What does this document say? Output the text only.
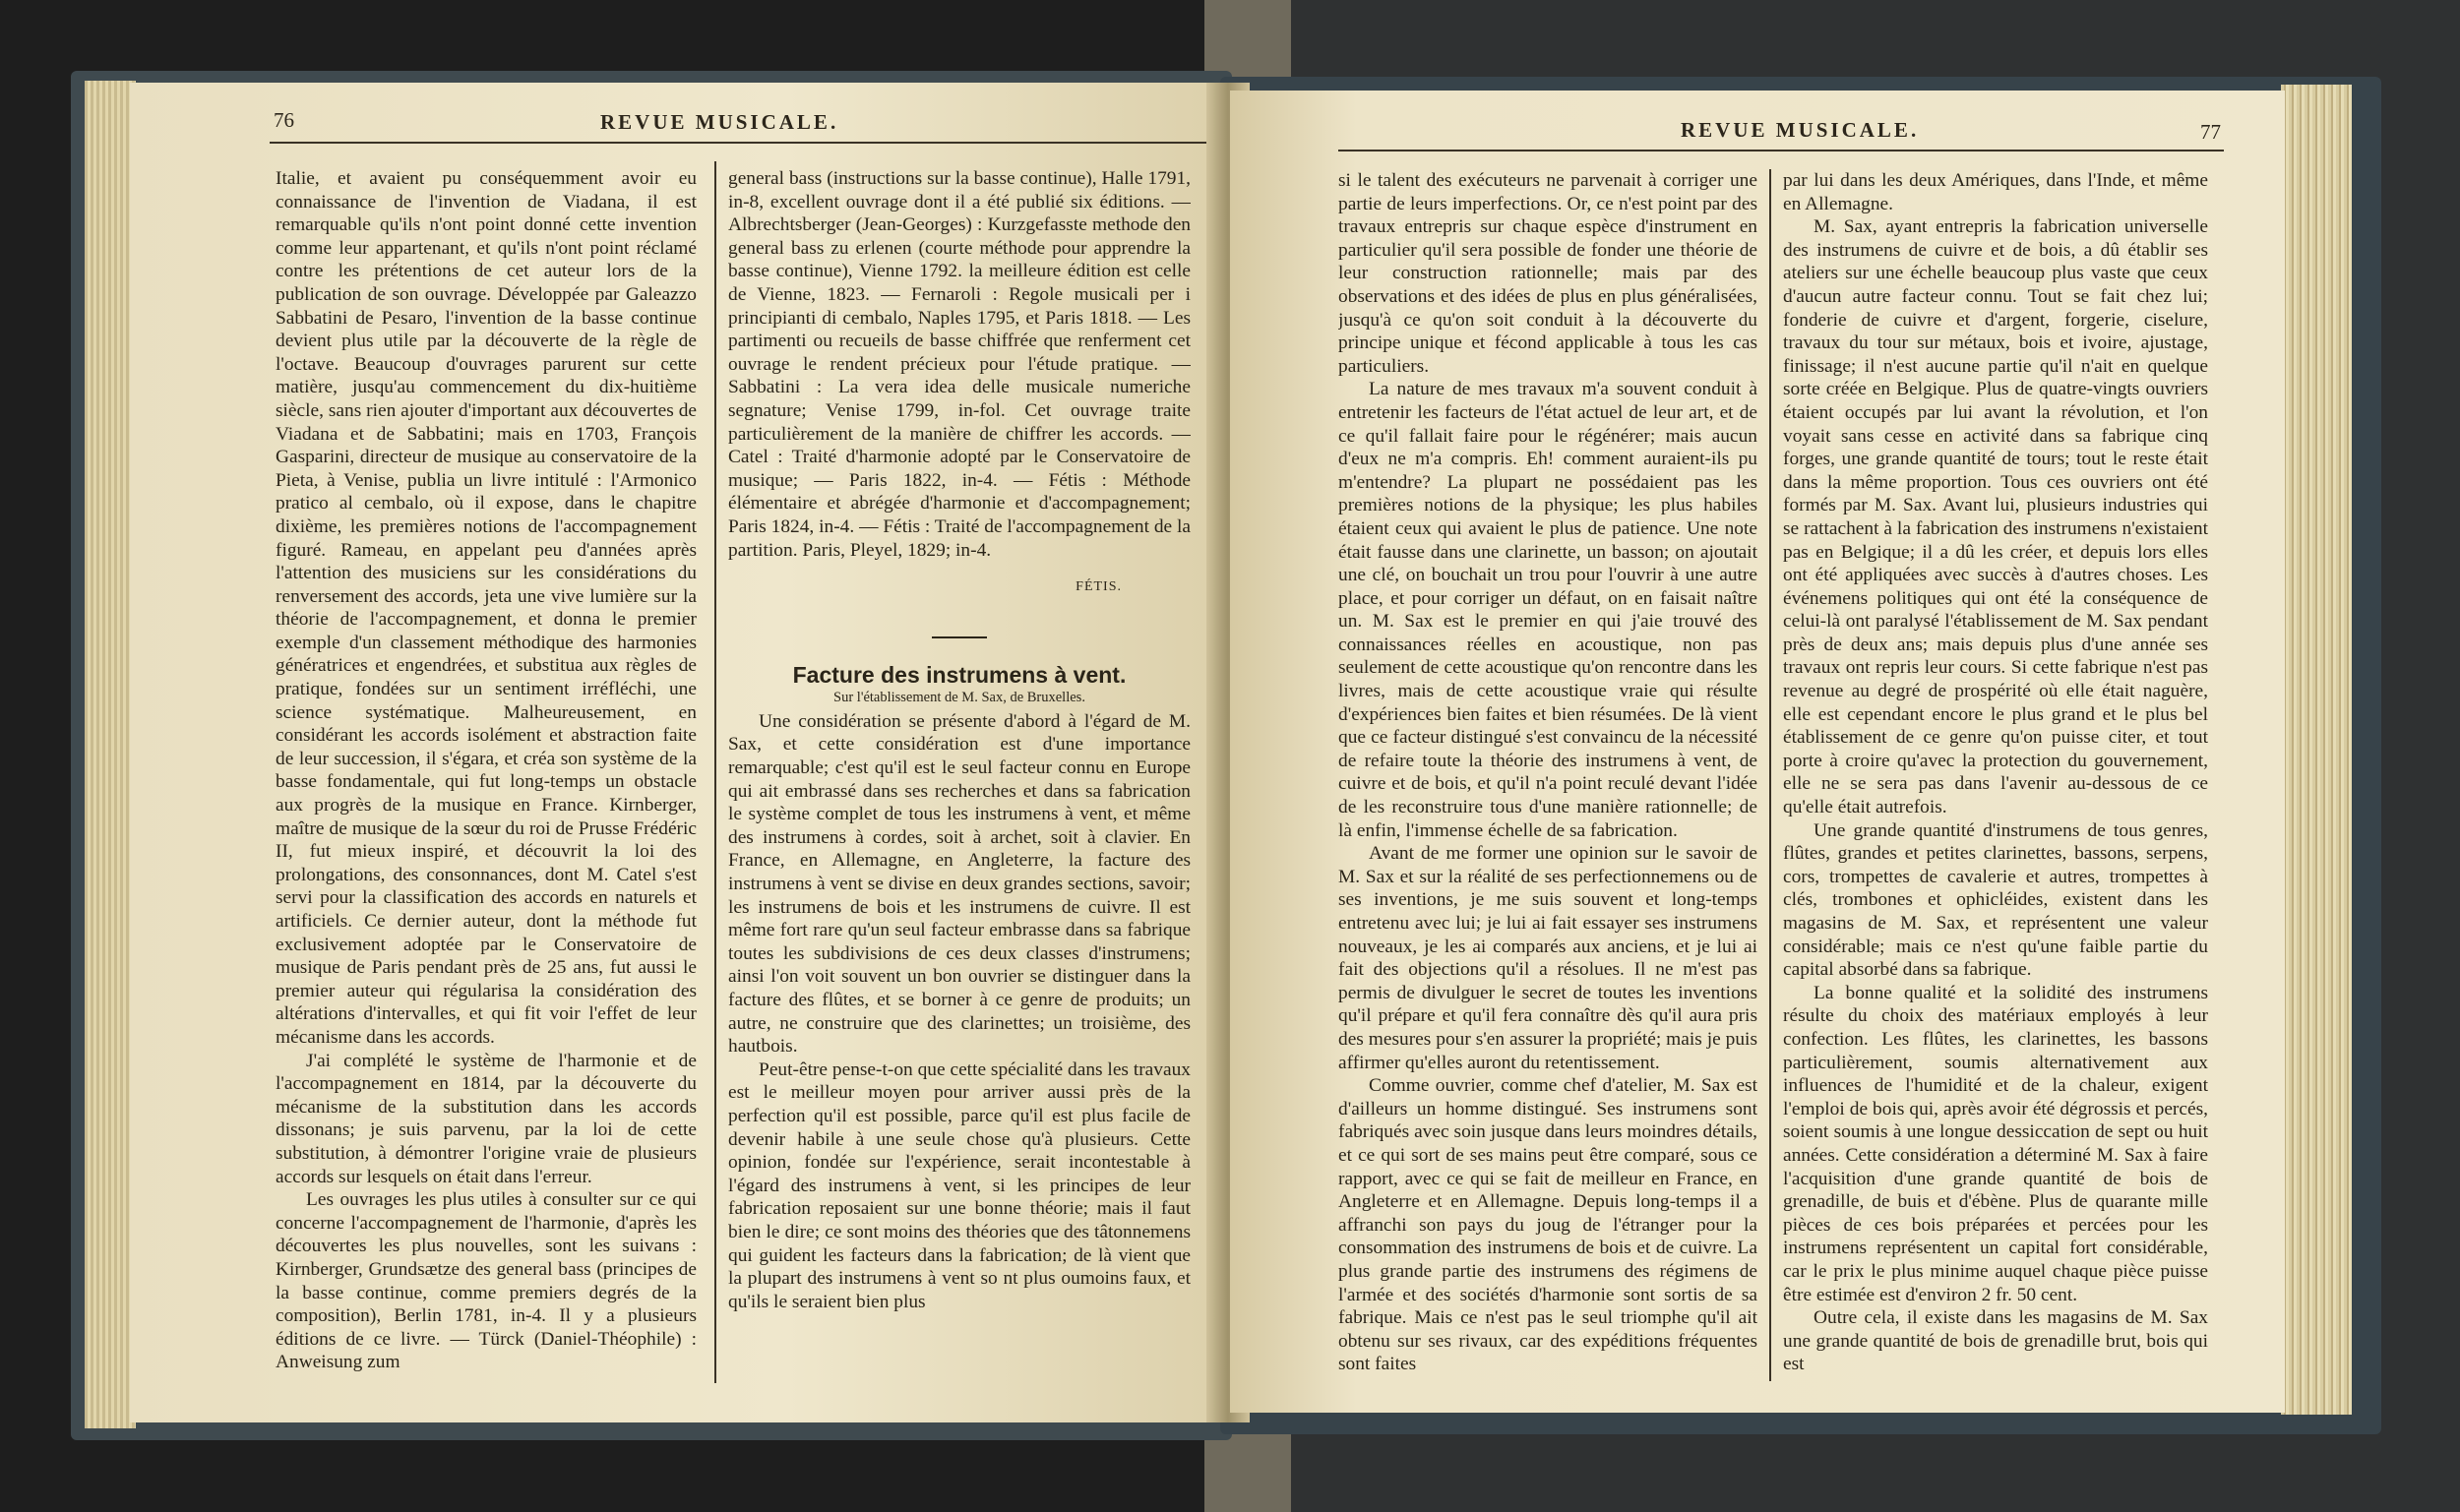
76	REVUE MUSICALE.

Italie, et avaient pu conséquemment avoir eu connaissance de l'invention de Viadana, il est remarquable qu'ils n'ont point donné cette invention comme leur appartenant, et qu'ils n'ont point réclamé contre les prétentions de cet auteur lors de la publication de son ouvrage. Développée par Galeazzo Sabbatini de Pesaro, l'invention de la basse continue devient plus utile par la découverte de la règle de l'octave. Beaucoup d'ouvrages parurent sur cette matière, jusqu'au commencement du dix-huitième siècle, sans rien ajouter d'important aux découvertes de Viadana et de Sabbatini; mais en 1703, François Gasparini, directeur de musique au conservatoire de la Pieta, à Venise, publia un livre intitulé : l'Armonico pratico al cembalo, où il expose, dans le chapitre dixième, les premières notions de l'accompagnement figuré. Rameau, en appelant peu d'années après l'attention des musiciens sur les considérations du renversement des accords, jeta une vive lumière sur la théorie de l'accompagnement, et donna le premier exemple d'un classement méthodique des harmonies génératrices et engendrées, et substitua aux règles de pratique, fondées sur un sentiment irréfléchi, une science systématique. Malheureusement, en considérant les accords isolément et abstraction faite de leur succession, il s'égara, et créa son système de la basse fondamentale, qui fut long-temps un obstacle aux progrès de la musique en France. Kirnberger, maître de musique de la sœur du roi de Prusse Frédéric II, fut mieux inspiré, et découvrit la loi des prolongations, des consonnances, dont M. Catel s'est servi pour la classification des accords en naturels et artificiels. Ce dernier auteur, dont la méthode fut exclusivement adoptée par le Conservatoire de musique de Paris pendant près de 25 ans, fut aussi le premier auteur qui régularisa la considération des altérations d'intervalles, et qui fit voir l'effet de leur mécanisme dans les accords.

J'ai complété le système de l'harmonie et de l'accompagnement en 1814, par la découverte du mécanisme de la substitution dans les accords dissonans; je suis parvenu, par la loi de cette substitution, à démontrer l'origine vraie de plusieurs accords sur lesquels on était dans l'erreur.

Les ouvrages les plus utiles à consulter sur ce qui concerne l'accompagnement de l'harmonie, d'après les découvertes les plus nouvelles, sont les suivans : Kirnberger, Grundsætze des general bass (principes de la basse continue, comme premiers degrés de la composition), Berlin 1781, in-4. Il y a plusieurs éditions de ce livre. — Türck (Daniel-Théophile) : Anweisung zum

general bass (instructions sur la basse continue), Halle 1791, in-8, excellent ouvrage dont il a été publié six éditions. — Albrechtsberger (Jean-Georges) : Kurzgefasste methode den general bass zu erlenen (courte méthode pour apprendre la basse continue), Vienne 1792. la meilleure édition est celle de Vienne, 1823. — Fernaroli : Regole musicali per i principianti di cembalo, Naples 1795, et Paris 1818. — Les partimenti ou recueils de basse chiffrée que renferment cet ouvrage le rendent précieux pour l'étude pratique. — Sabbatini : La vera idea delle musicale numeriche segnature; Venise 1799, in-fol. Cet ouvrage traite particulièrement de la manière de chiffrer les accords. — Catel : Traité d'harmonie adopté par le Conservatoire de musique; — Paris 1822, in-4. — Fétis : Méthode élémentaire et abrégée d'harmonie et d'accompagnement; Paris 1824, in-4. — Fétis : Traité de l'accompagnement de la partition. Paris, Pleyel, 1829; in-4.

FÉTIS.

Facture des instrumens à vent.

Sur l'établissement de M. Sax, de Bruxelles.

Une considération se présente d'abord à l'égard de M. Sax, et cette considération est d'une importance remarquable; c'est qu'il est le seul facteur connu en Europe qui ait embrassé dans ses recherches et dans sa fabrication le système complet de tous les instrumens à vent, et même des instrumens à cordes, soit à archet, soit à clavier. En France, en Allemagne, en Angleterre, la facture des instrumens à vent se divise en deux grandes sections, savoir; les instrumens de bois et les instrumens de cuivre. Il est même fort rare qu'un seul facteur embrasse dans sa fabrique toutes les subdivisions de ces deux classes d'instrumens; ainsi l'on voit souvent un bon ouvrier se distinguer dans la facture des flûtes, et se borner à ce genre de produits; un autre, ne construire que des clarinettes; un troisième, des hautbois.

Peut-être pense-t-on que cette spécialité dans les travaux est le meilleur moyen pour arriver aussi près de la perfection qu'il est possible, parce qu'il est plus facile de devenir habile à une seule chose qu'à plusieurs. Cette opinion, fondée sur l'expérience, serait incontestable à l'égard des instrumens à vent, si les principes de leur fabrication reposaient sur une bonne théorie; mais il faut bien le dire; ce sont moins des théories que des tâtonnemens qui guident les facteurs dans la fabrication; de là vient que la plupart des instrumens à vent so nt plus oumoins faux, et qu'ils le seraient bien plus

REVUE MUSICALE.	77

si le talent des exécuteurs ne parvenait à corriger une partie de leurs imperfections. Or, ce n'est point par des travaux entrepris sur chaque espèce d'instrument en particulier qu'il sera possible de fonder une théorie de leur construction rationnelle; mais par des observations et des idées de plus en plus généralisées, jusqu'à ce qu'on soit conduit à la découverte du principe unique et fécond applicable à tous les cas particuliers.

La nature de mes travaux m'a souvent conduit à entretenir les facteurs de l'état actuel de leur art, et de ce qu'il fallait faire pour le régénérer; mais aucun d'eux ne m'a compris. Eh! comment auraient-ils pu m'entendre? La plupart ne possédaient pas les premières notions de la physique; les plus habiles étaient ceux qui avaient le plus de patience. Une note était fausse dans une clarinette, un basson; on ajoutait une clé, on bouchait un trou pour l'ouvrir à une autre place, et pour corriger un défaut, on en faisait naître un. M. Sax est le premier en qui j'aie trouvé des connaissances réelles en acoustique, non pas seulement de cette acoustique qu'on rencontre dans les livres, mais de cette acoustique vraie qui résulte d'expériences bien faites et bien résumées. De là vient que ce facteur distingué s'est convaincu de la nécessité de refaire toute la théorie des instrumens à vent, de cuivre et de bois, et qu'il n'a point reculé devant l'idée de les reconstruire tous d'une manière rationnelle; de là enfin, l'immense échelle de sa fabrication.

Avant de me former une opinion sur le savoir de M. Sax et sur la réalité de ses perfectionnemens ou de ses inventions, je me suis souvent et long-temps entretenu avec lui; je lui ai fait essayer ses instrumens nouveaux, je les ai comparés aux anciens, et je lui ai fait des objections qu'il a résolues. Il ne m'est pas permis de divulguer le secret de toutes les inventions qu'il prépare et qu'il fera connaître dès qu'il aura pris des mesures pour s'en assurer la propriété; mais je puis affirmer qu'elles auront du retentissement.

Comme ouvrier, comme chef d'atelier, M. Sax est d'ailleurs un homme distingué. Ses instrumens sont fabriqués avec soin jusque dans leurs moindres détails, et ce qui sort de ses mains peut être comparé, sous ce rapport, avec ce qui se fait de meilleur en France, en Angleterre et en Allemagne. Depuis long-temps il a affranchi son pays du joug de l'étranger pour la consommation des instrumens de bois et de cuivre. La plus grande partie des instrumens des régimens de l'armée et des sociétés d'harmonie sont sortis de sa fabrique. Mais ce n'est pas le seul triomphe qu'il ait obtenu sur ses rivaux, car des expéditions fréquentes sont faites

par lui dans les deux Amériques, dans l'Inde, et même en Allemagne.

M. Sax, ayant entrepris la fabrication universelle des instrumens de cuivre et de bois, a dû établir ses ateliers sur une échelle beaucoup plus vaste que ceux d'aucun autre facteur connu. Tout se fait chez lui; fonderie de cuivre et d'argent, forgerie, ciselure, travaux du tour sur métaux, bois et ivoire, ajustage, finissage; il n'est aucune partie qu'il n'ait en quelque sorte créée en Belgique. Plus de quatre-vingts ouvriers étaient occupés par lui avant la révolution, et l'on voyait sans cesse en activité dans sa fabrique cinq forges, une grande quantité de tours; tout le reste était dans la même proportion. Tous ces ouvriers ont été formés par M. Sax. Avant lui, plusieurs industries qui se rattachent à la fabrication des instrumens n'existaient pas en Belgique; il a dû les créer, et depuis lors elles ont été appliquées avec succès à d'autres choses. Les événemens politiques qui ont été la conséquence de celui-là ont paralysé l'établissement de M. Sax pendant près de deux ans; mais depuis plus d'une année ses travaux ont repris leur cours. Si cette fabrique n'est pas revenue au degré de prospérité où elle était naguère, elle est cependant encore le plus grand et le plus bel établissement de ce genre qu'on puisse citer, et tout porte à croire qu'avec la protection du gouvernement, elle ne se sera pas dans l'avenir au-dessous de ce qu'elle était autrefois.

Une grande quantité d'instrumens de tous genres, flûtes, grandes et petites clarinettes, bassons, serpens, cors, trompettes de cavalerie et autres, trompettes à clés, trombones et ophicléides, existent dans les magasins de M. Sax, et représentent une valeur considérable; mais ce n'est qu'une faible partie du capital absorbé dans sa fabrique.

La bonne qualité et la solidité des instrumens résulte du choix des matériaux employés à leur confection. Les flûtes, les clarinettes, les bassons particulièrement, soumis alternativement aux influences de l'humidité et de la chaleur, exigent l'emploi de bois qui, après avoir été dégrossis et percés, soient soumis à une longue dessiccation de sept ou huit années. Cette considération a déterminé M. Sax à faire l'acquisition d'une grande quantité de bois de grenadille, de buis et d'ébène. Plus de quarante mille pièces de ces bois préparées et percées pour les instrumens représentent un capital fort considérable, car le prix le plus minime auquel chaque pièce puisse être estimée est d'environ 2 fr. 50 cent.

Outre cela, il existe dans les magasins de M. Sax une grande quantité de bois de grenadille brut, bois qui est
